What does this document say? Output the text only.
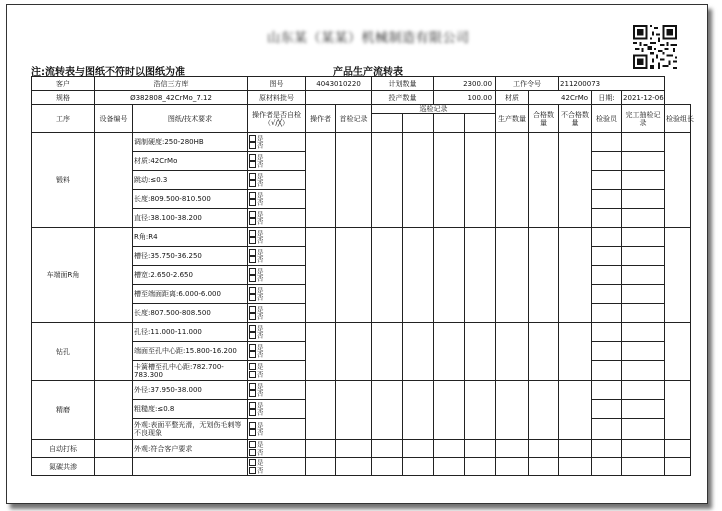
山东某（某某）机械制造有限公司
注:流转表与图纸不符时以图纸为准	产品生产流转表
客户	浩信三方库		图号	4043010220		计划数量		2300.00		工作令号		211200073			
规格	Ø382808_42CrMo_7.12		原材料批号			投产数量		100.00		材质	42CrMo		日期:	2021-12-06	
工序	设备编号	图纸/技术要求	操作者是否自检（√/╳）	操作者	首检记录	巡检记录				生产数量	合格数量	不合格数量	检验员	完工抽检记录	检验组长

锻料		调制硬度:250-280HB	是
否												

		材质:42CrMo	是
否												

		跳动:≤0.3	是
否												

		长度:809.500-810.500	是
否												

		直径:38.100-38.200	是
否												

车端面R角		R角:R4	是
否												

		槽径:35.750-36.250	是
否												

		槽宽:2.650-2.650	是
否												

		槽至端面距离:6.000-6.000	是
否												

		长度:807.500-808.500	是
否												

钻孔		孔径:11.000-11.000	是
否												

		端面至孔中心距:15.800-16.200	是
否												

		卡簧槽至孔中心距:782.700-783.300	是
否												

精磨		外径:37.950-38.000	是
否												

		粗糙度:≤0.8	是
否												

		外观:表面平整光滑，无划伤毛刺等不良现象	是
否												

自动打标		外观:符合客户要求	是
否												

氮碳共渗			是
否												
